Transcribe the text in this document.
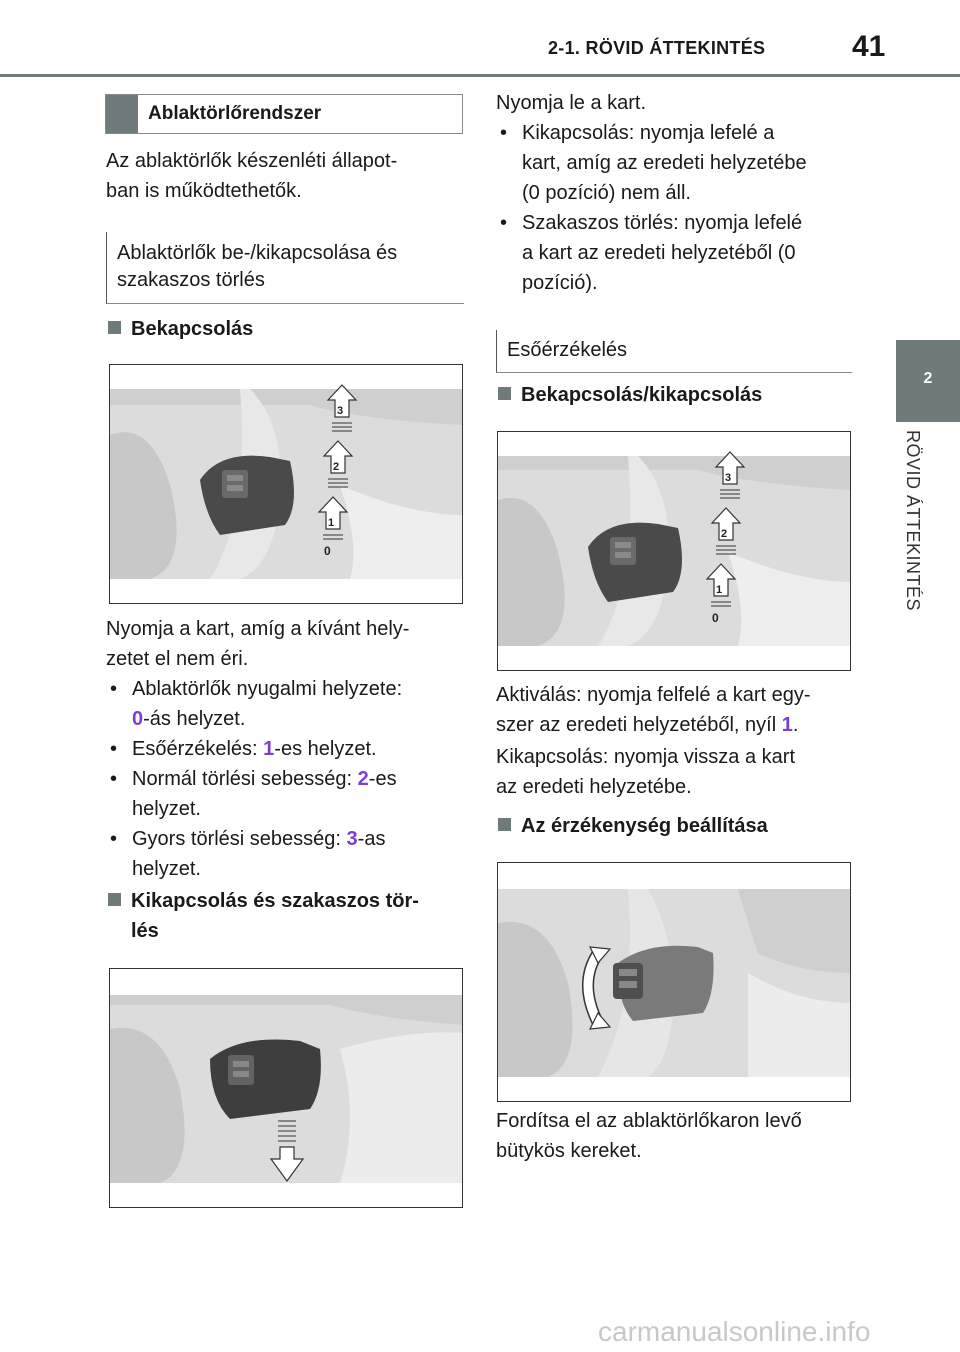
2-1. RÖVID ÁTTEKINTÉS	41
2
RÖVID ÁTTEKINTÉS
Ablaktörlőrendszer
Az ablaktörlők készenléti állapot-
ban is működtethetők.
Ablaktörlők be-/kikapcsolása és
szakaszos törlés
Bekapcsolás
3
2
1
0
Nyomja a kart, amíg a kívánt hely-
zetet el nem éri.
• Ablaktörlők nyugalmi helyzete:
0-ás helyzet.
• Esőérzékelés: 1-es helyzet.
• Normál törlési sebesség: 2-es
helyzet.
• Gyors törlési sebesség: 3-as
helyzet.
Kikapcsolás és szakaszos tör-
lés
Nyomja le a kart.
• Kikapcsolás: nyomja lefelé a
kart, amíg az eredeti helyzetébe
(0 pozíció) nem áll.
• Szakaszos törlés: nyomja lefelé
a kart az eredeti helyzetéből (0
pozíció).
Esőérzékelés
Bekapcsolás/kikapcsolás
3
2
1
0
Aktiválás: nyomja felfelé a kart egy-
szer az eredeti helyzetéből, nyíl 1.
Kikapcsolás: nyomja vissza a kart
az eredeti helyzetébe.
Az érzékenység beállítása
Fordítsa el az ablaktörlőkaron levő
bütykös kereket.
carmanualsonline.info
